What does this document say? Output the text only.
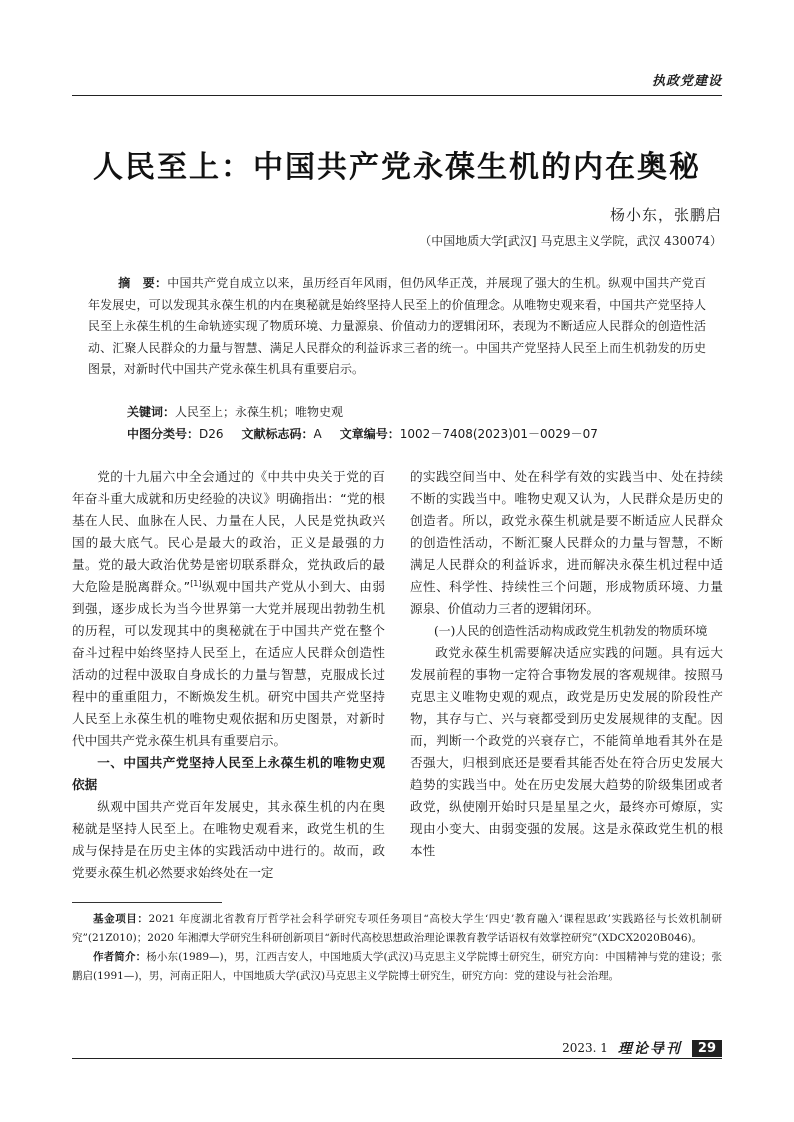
执政党建设
人民至上：中国共产党永葆生机的内在奥秘
杨小东，张鹏启
（中国地质大学[武汉] 马克思主义学院，武汉 430074）
摘　要：中国共产党自成立以来，虽历经百年风雨，但仍风华正茂，并展现了强大的生机。纵观中国共产党百年发展史，可以发现其永葆生机的内在奥秘就是始终坚持人民至上的价值理念。从唯物史观来看，中国共产党坚持人民至上永葆生机的生命轨迹实现了物质环境、力量源泉、价值动力的逻辑闭环，表现为不断适应人民群众的创造性活动、汇聚人民群众的力量与智慧、满足人民群众的利益诉求三者的统一。中国共产党坚持人民至上而生机勃发的历史图景，对新时代中国共产党永葆生机具有重要启示。
关键词：人民至上；永葆生机；唯物史观
中图分类号：D26 文献标志码：A 文章编号：1002－7408(2023)01－0029－07

党的十九届六中全会通过的《中共中央关于党的百年奋斗重大成就和历史经验的决议》明确指出：“党的根基在人民、血脉在人民、力量在人民，人民是党执政兴国的最大底气。民心是最大的政治，正义是最强的力量。党的最大政治优势是密切联系群众，党执政后的最大危险是脱离群众。”[1]纵观中国共产党从小到大、由弱到强，逐步成长为当今世界第一大党并展现出勃勃生机的历程，可以发现其中的奥秘就在于中国共产党在整个奋斗过程中始终坚持人民至上，在适应人民群众创造性活动的过程中汲取自身成长的力量与智慧，克服成长过程中的重重阻力，不断焕发生机。研究中国共产党坚持人民至上永葆生机的唯物史观依据和历史图景，对新时代中国共产党永葆生机具有重要启示。

一、中国共产党坚持人民至上永葆生机的唯物史观依据

纵观中国共产党百年发展史，其永葆生机的内在奥秘就是坚持人民至上。在唯物史观看来，政党生机的生成与保持是在历史主体的实践活动中进行的。故而，政党要永葆生机必然要求始终处在一定

的实践空间当中、处在科学有效的实践当中、处在持续不断的实践当中。唯物史观又认为，人民群众是历史的创造者。所以，政党永葆生机就是要不断适应人民群众的创造性活动，不断汇聚人民群众的力量与智慧，不断满足人民群众的利益诉求，进而解决永葆生机过程中适应性、科学性、持续性三个问题，形成物质环境、力量源泉、价值动力三者的逻辑闭环。

(一)人民的创造性活动构成政党生机勃发的物质环境

政党永葆生机需要解决适应实践的问题。具有远大发展前程的事物一定符合事物发展的客观规律。按照马克思主义唯物史观的观点，政党是历史发展的阶段性产物，其存与亡、兴与衰都受到历史发展规律的支配。因而，判断一个政党的兴衰存亡，不能简单地看其外在是否强大，归根到底还是要看其能否处在符合历史发展大趋势的实践当中。处在历史发展大趋势的阶级集团或者政党，纵使刚开始时只是星星之火，最终亦可燎原，实现由小变大、由弱变强的发展。这是永葆政党生机的根本性

基金项目：2021 年度湖北省教育厅哲学社会科学研究专项任务项目“高校大学生‘四史’教育融入‘课程思政’实践路径与长效机制研究”(21Z010)；2020 年湘潭大学研究生科研创新项目“新时代高校思想政治理论课教育教学话语权有效掌控研究”(XDCX2020B046)。

作者简介：杨小东(1989—)，男，江西吉安人，中国地质大学(武汉)马克思主义学院博士研究生，研究方向：中国精神与党的建设；张鹏启(1991—)，男，河南正阳人，中国地质大学(武汉)马克思主义学院博士研究生，研究方向：党的建设与社会治理。

2023. 1 理论导刊	29
